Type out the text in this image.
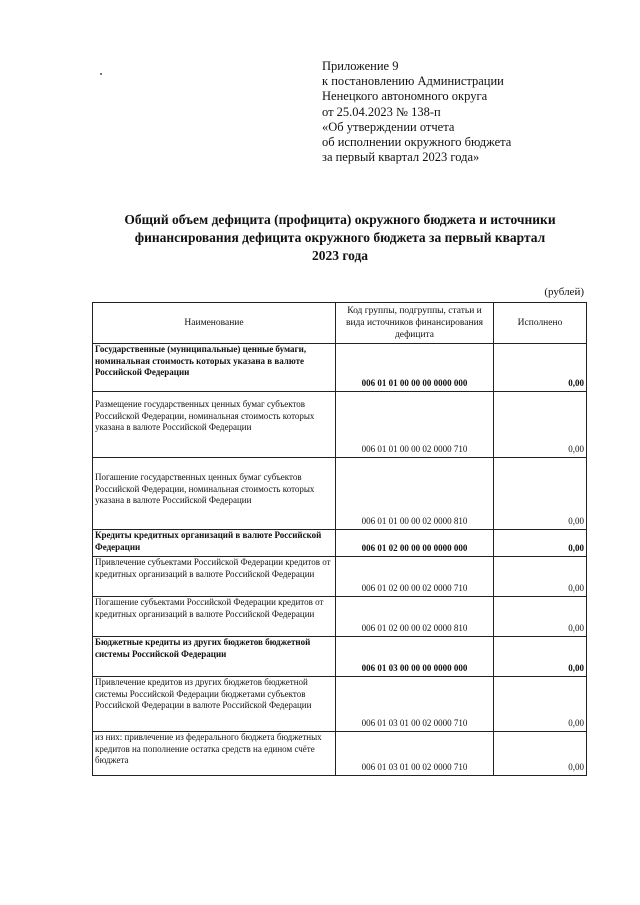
Приложение 9
к постановлению Администрации
Ненецкого автономного округа
от 25.04.2023 № 138-п
«Об утверждении отчета
об исполнении окружного бюджета
за первый квартал 2023 года»
Общий объем дефицита (профицита) окружного бюджета и источники
финансирования дефицита окружного бюджета за первый квартал
2023 года
(рублей)
Наименование	Код группы, подгруппы, статьи и вида источников финансирования дефицита	Исполнено
Государственные (муниципальные) ценные бумаги, номинальная стоимость которых указана в валюте Российской Федерации	006 01 01 00 00 00 0000 000	0,00
Размещение государственных ценных бумаг субъектов Российской Федерации, номинальная стоимость которых указана в валюте Российской Федерации	006 01 01 00 00 02 0000 710	0,00
Погашение государственных ценных бумаг субъектов Российской Федерации, номинальная стоимость которых указана в валюте Российской Федерации	006 01 01 00 00 02 0000 810	0,00
Кредиты кредитных организаций в валюте Российской Федерации	006 01 02 00 00 00 0000 000	0,00
Привлечение субъектами Российской Федерации кредитов от кредитных организаций в валюте Российской Федерации	006 01 02 00 00 02 0000 710	0,00
Погашение субъектами Российской Федерации кредитов от кредитных организаций в валюте Российской Федерации	006 01 02 00 00 02 0000 810	0,00
Бюджетные кредиты из других бюджетов бюджетной системы Российской Федерации	006 01 03 00 00 00 0000 000	0,00
Привлечение кредитов из других бюджетов бюджетной системы Российской Федерации бюджетами субъектов Российской Федерации в валюте Российской Федерации	006 01 03 01 00 02 0000 710	0,00
из них: привлечение из федерального бюджета бюджетных кредитов на пополнение остатка средств на едином счёте бюджета	006 01 03 01 00 02 0000 710	0,00
